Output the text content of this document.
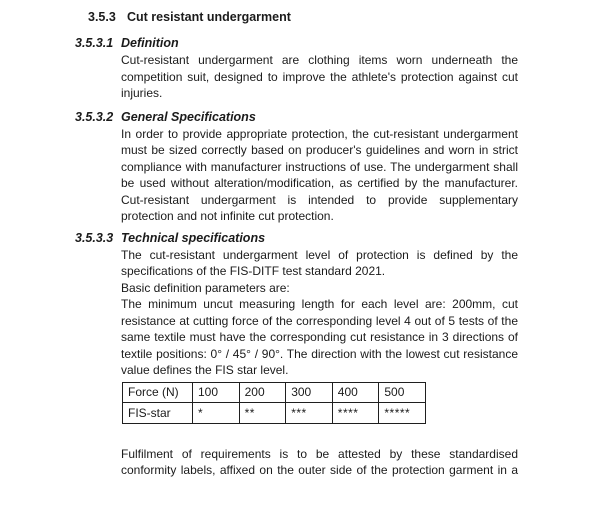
3.5.3 Cut resistant undergarment
3.5.3.1 Definition

Cut-resistant undergarment are clothing items worn underneath the competition suit, designed to improve the athlete's protection against cut injuries.

3.5.3.2 General Specifications

In order to provide appropriate protection, the cut-resistant undergarment must be sized correctly based on producer's guidelines and worn in strict compliance with manufacturer instructions of use. The undergarment shall be used without alteration/modification, as certified by the manufacturer. Cut-resistant undergarment is intended to provide supplementary protection and not infinite cut protection.

3.5.3.3 Technical specifications

The cut-resistant undergarment level of protection is defined by the specifications of the FIS-DITF test standard 2021.

Basic definition parameters are:

The minimum uncut measuring length for each level are: 200mm, cut resistance at cutting force of the corresponding level 4 out of 5 tests of the same textile must have the corresponding cut resistance in 3 directions of textile positions: 0° / 45° / 90°. The direction with the lowest cut resistance value defines the FIS star level.

Force (N)	100	200	300	400	500
FIS-star	*	**	***	****	*****

Fulfilment of requirements is to be attested by these standardised conformity labels, affixed on the outer side of the protection garment in a
